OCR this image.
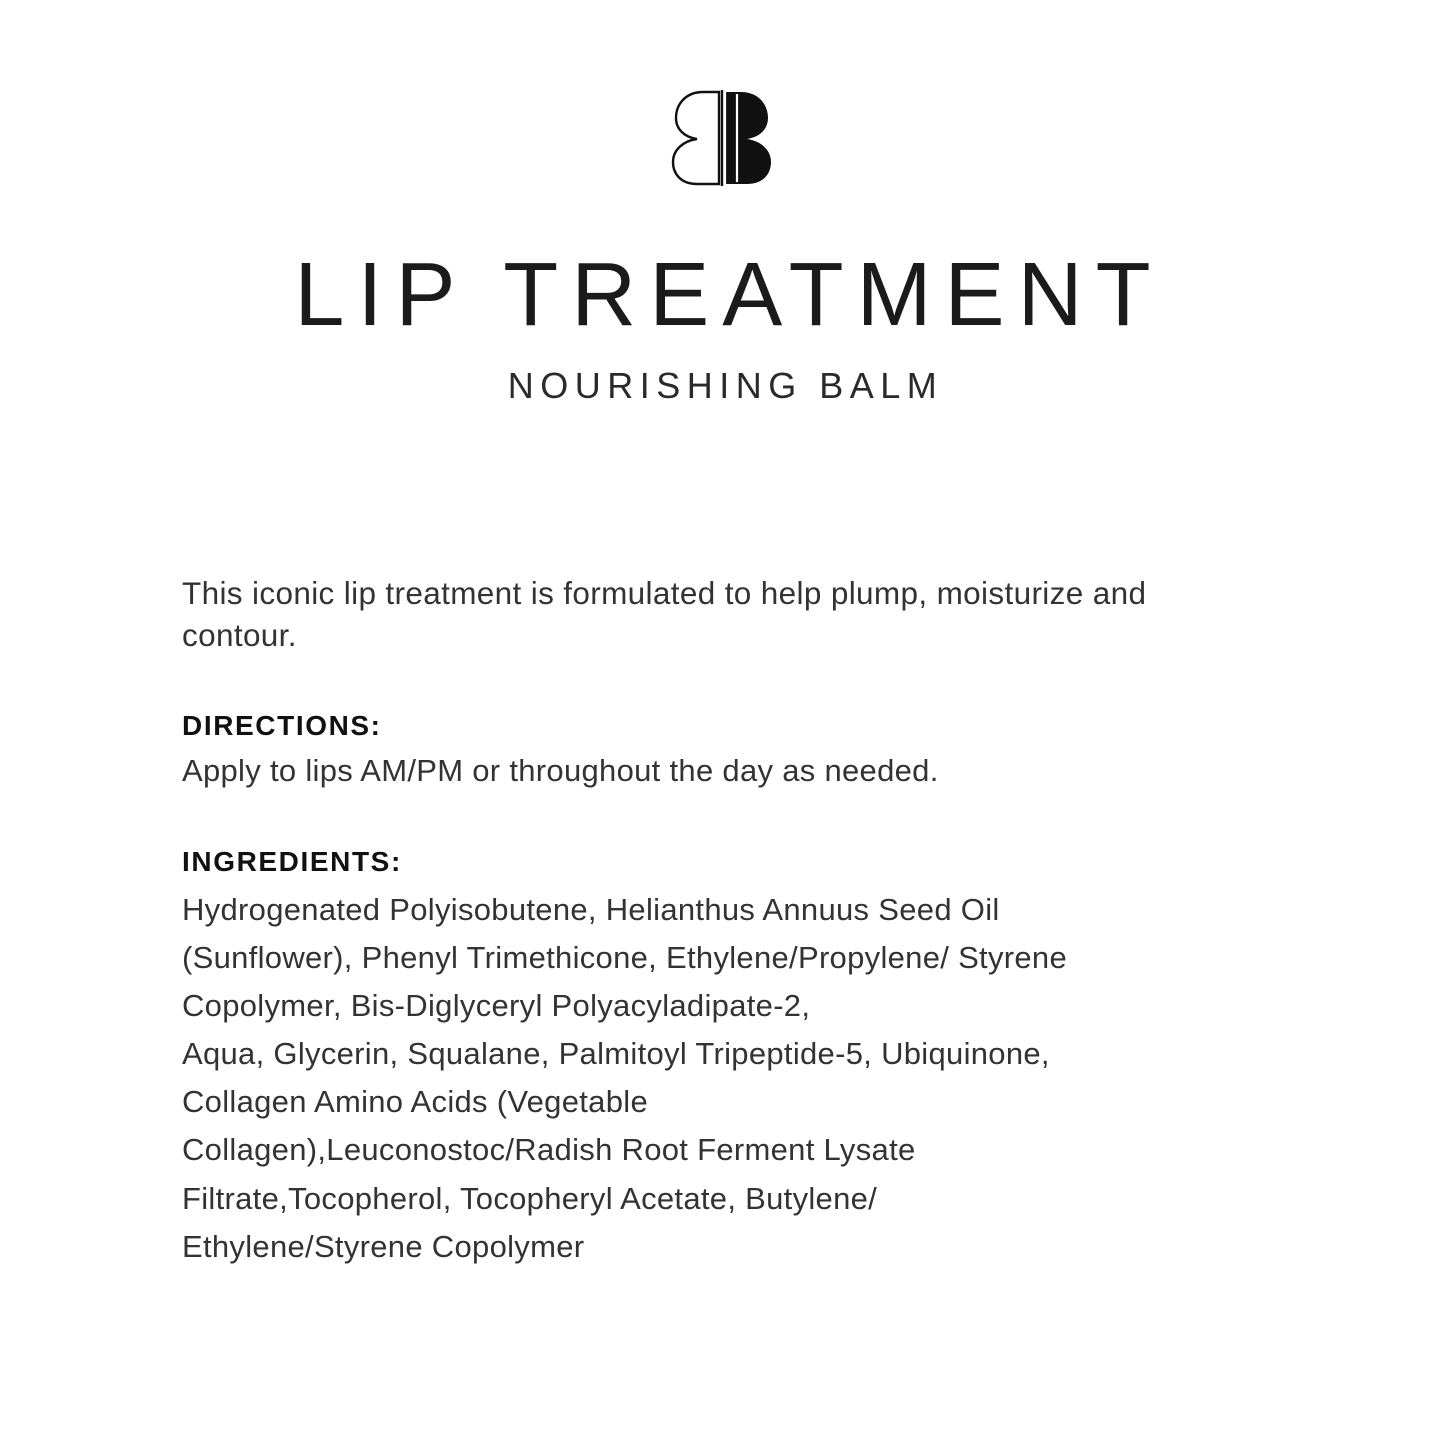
LIP TREATMENT
NOURISHING BALM

This iconic lip treatment is formulated to help plump, moisturize and contour.

DIRECTIONS:

Apply to lips AM/PM or throughout the day as needed.

INGREDIENTS:

Hydrogenated Polyisobutene, Helianthus Annuus Seed Oil
(Sunflower), Phenyl Trimethicone, Ethylene/Propylene/ Styrene
Copolymer, Bis-Diglyceryl Polyacyladipate-2,
Aqua, Glycerin, Squalane, Palmitoyl Tripeptide-5, Ubiquinone,
Collagen Amino Acids (Vegetable
Collagen),Leuconostoc/Radish Root Ferment Lysate
Filtrate,Tocopherol, Tocopheryl Acetate, Butylene/
Ethylene/Styrene Copolymer
